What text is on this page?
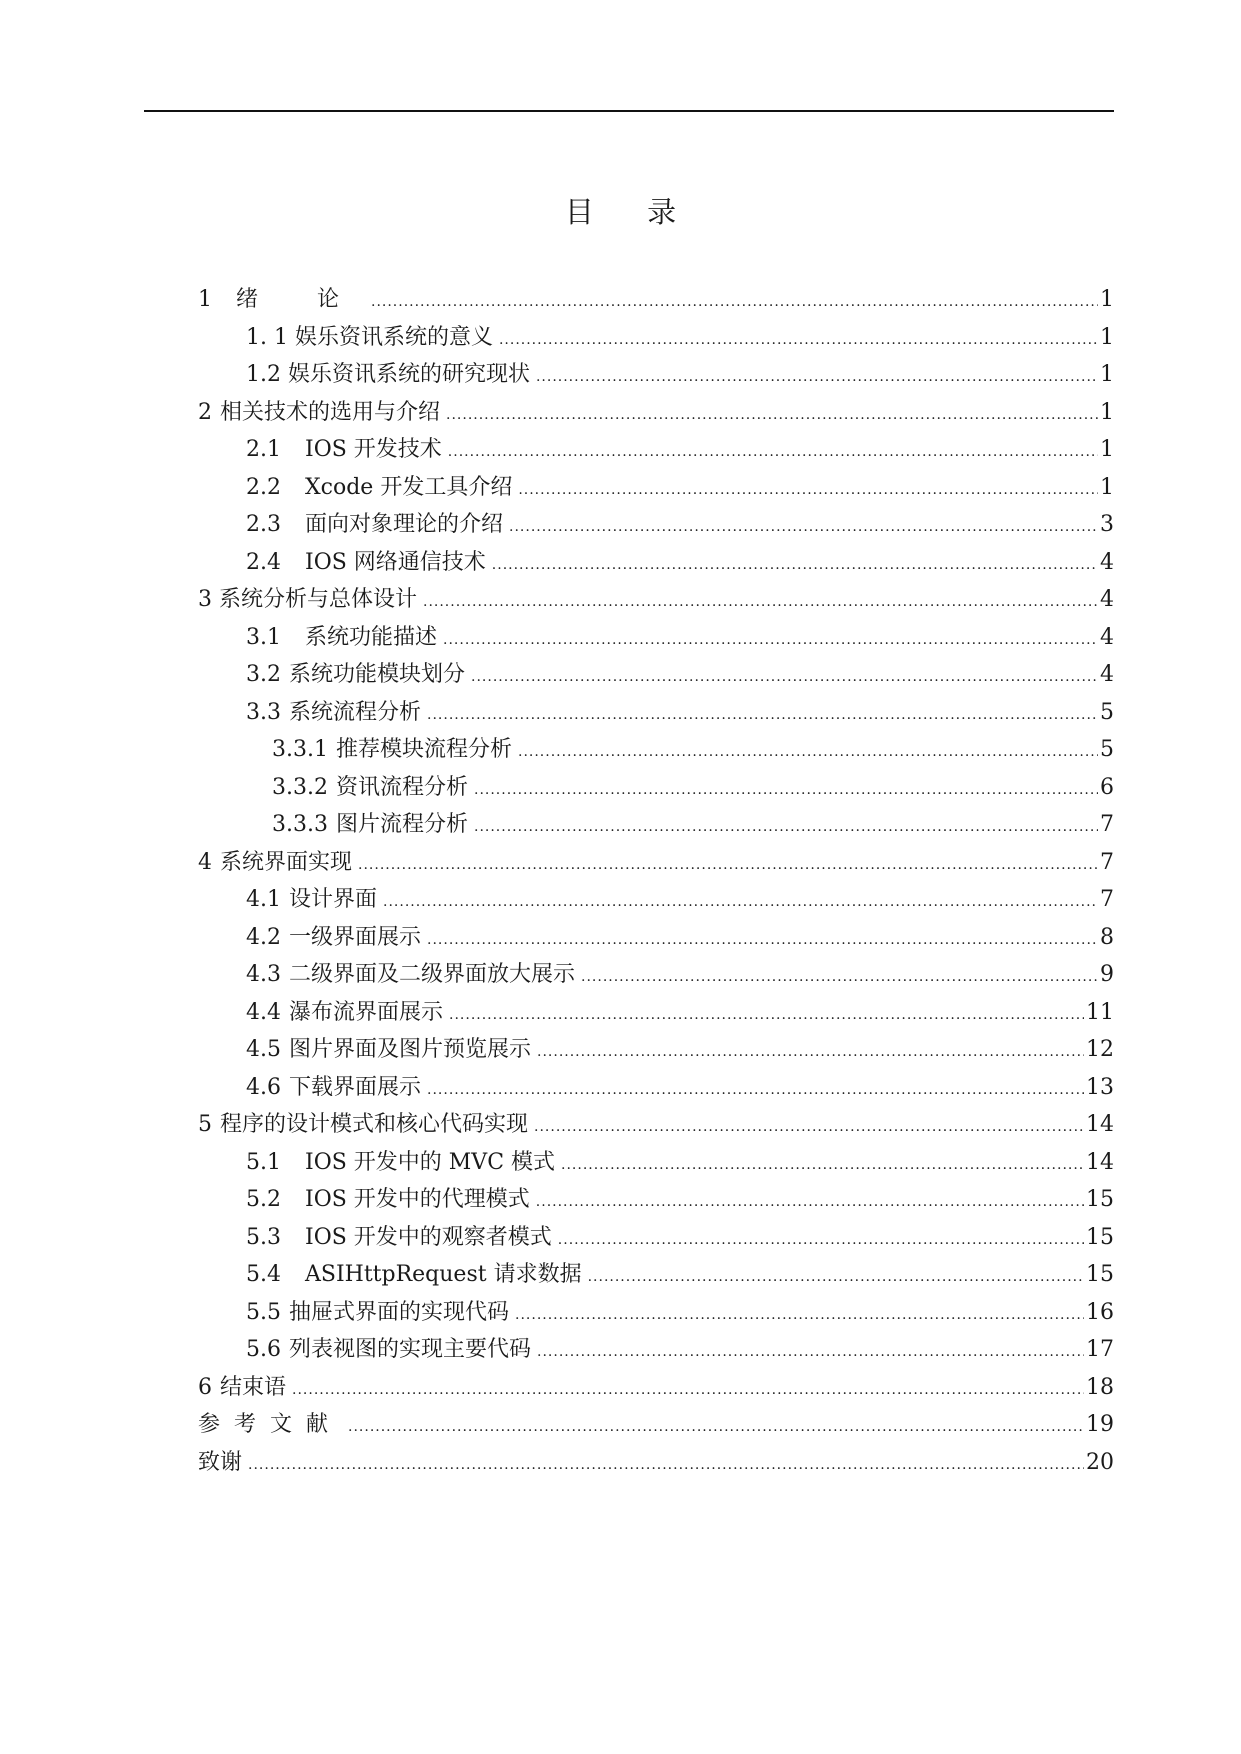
目 录
1	绪 论 .....	1
1. 1 娱乐资讯系统的意义 .....	1
1.2 娱乐资讯系统的研究现状 .....	1
2 相关技术的选用与介绍 .....	1
2.1	IOS 开发技术 .....	1
2.2	Xcode 开发工具介绍 .....	1
2.3	面向对象理论的介绍 .....	3
2.4	IOS 网络通信技术 .....	4
3 系统分析与总体设计 .....	4
3.1	系统功能描述 .....	4
3.2 系统功能模块划分 .....	4
3.3 系统流程分析 .....	5
3.3.1 推荐模块流程分析 .....	5
3.3.2 资讯流程分析 .....	6
3.3.3 图片流程分析 .....	7
4 系统界面实现 .....	7
4.1 设计界面 .....	7
4.2 一级界面展示 .....	8
4.3 二级界面及二级界面放大展示 .....	9
4.4 瀑布流界面展示 .....	11
4.5 图片界面及图片预览展示 .....	12
4.6 下载界面展示 .....	13
5 程序的设计模式和核心代码实现 .....	14
5.1	IOS 开发中的 MVC 模式 .....	14
5.2	IOS 开发中的代理模式 .....	15
5.3	IOS 开发中的观察者模式 .....	15
5.4	ASIHttpRequest 请求数据 .....	15
5.5 抽屉式界面的实现代码 .....	16
5.6 列表视图的实现主要代码 .....	17
6 结束语 .....	18
参考文献 .....	19
致谢 .....	20
